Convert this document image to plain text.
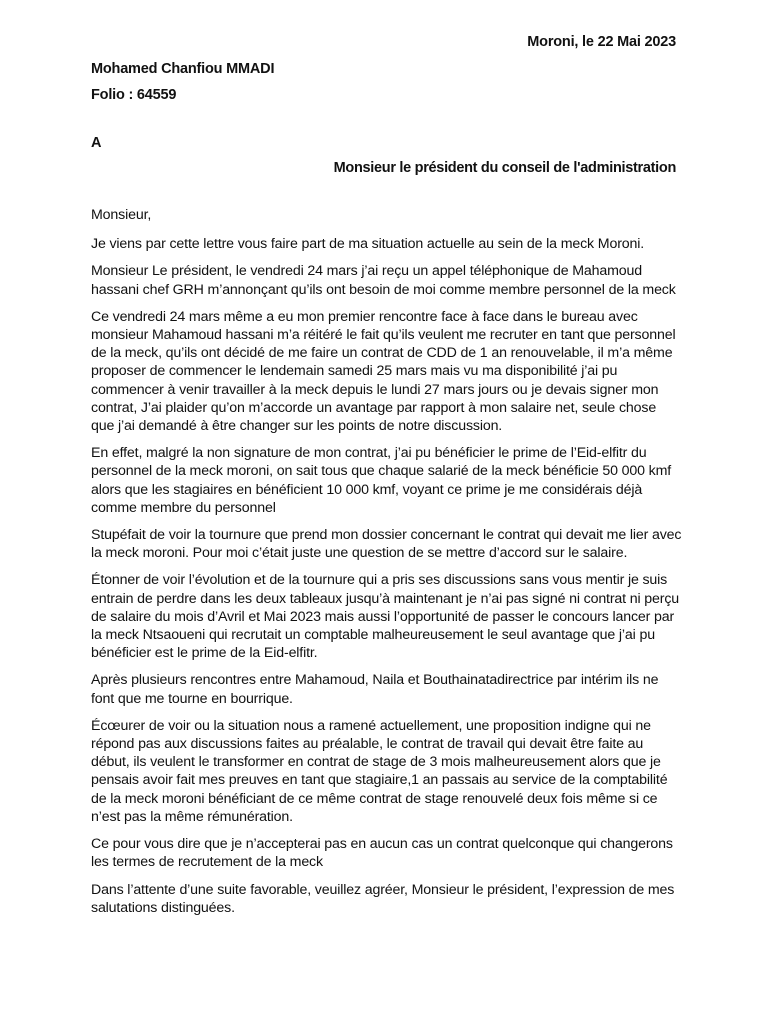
Moroni, le 22 Mai 2023
Mohamed Chanfiou MMADI
Folio : 64559
A
Monsieur le président du conseil de l'administration

Monsieur,

Je viens par cette lettre vous faire part de ma situation actuelle au sein de la meck Moroni.

Monsieur Le président, le vendredi 24 mars j’ai reçu un appel téléphonique de Mahamoud hassani chef GRH m’annonçant qu’ils ont besoin de moi comme membre personnel de la meck

Ce vendredi 24 mars même a eu mon premier rencontre face à face dans le bureau avec monsieur Mahamoud hassani m’a réitéré le fait qu’ils veulent me recruter en tant que personnel de la meck, qu’ils ont décidé de me faire un contrat de CDD de 1 an renouvelable, il m’a même proposer de commencer le lendemain samedi 25 mars mais vu ma disponibilité j’ai pu commencer à venir travailler à la meck depuis le lundi 27 mars jours ou je devais signer mon contrat, J’ai plaider qu’on m’accorde un avantage par rapport à mon salaire net, seule chose que j’ai demandé à être changer sur les points de notre discussion.

En effet, malgré la non signature de mon contrat, j’ai pu bénéficier le prime de l’Eid-elfitr du personnel de la meck moroni, on sait tous que chaque salarié de la meck bénéficie 50 000 kmf alors que les stagiaires en bénéficient 10 000 kmf, voyant ce prime je me considérais déjà comme membre du personnel

Stupéfait de voir la tournure que prend mon dossier concernant le contrat qui devait me lier avec la meck moroni. Pour moi c’était juste une question de se mettre d’accord sur le salaire.

Étonner de voir l’évolution et de la tournure qui a pris ses discussions sans vous mentir je suis entrain de perdre dans les deux tableaux jusqu’à maintenant je n’ai pas signé ni contrat ni perçu de salaire du mois d’Avril et Mai 2023 mais aussi l’opportunité de passer le concours lancer par la meck Ntsaoueni qui recrutait un comptable malheureusement le seul avantage que j’ai pu bénéficier est le prime de la Eid-elfitr.

Après plusieurs rencontres entre Mahamoud, Naila et Bouthainatadirectrice par intérim ils ne font que me tourne en bourrique.

Écœurer de voir ou la situation nous a ramené actuellement, une proposition indigne qui ne répond pas aux discussions faites au préalable, le contrat de travail qui devait être faite au début, ils veulent le transformer en contrat de stage de 3 mois malheureusement alors que je pensais avoir fait mes preuves en tant que stagiaire,1 an passais au service de la comptabilité de la meck moroni bénéficiant de ce même contrat de stage renouvelé deux fois même si ce n’est pas la même rémunération.

Ce pour vous dire que je n’accepterai pas en aucun cas un contrat quelconque qui changerons les termes de recrutement de la meck

Dans l’attente d’une suite favorable, veuillez agréer, Monsieur le président, l’expression de mes salutations distinguées.
